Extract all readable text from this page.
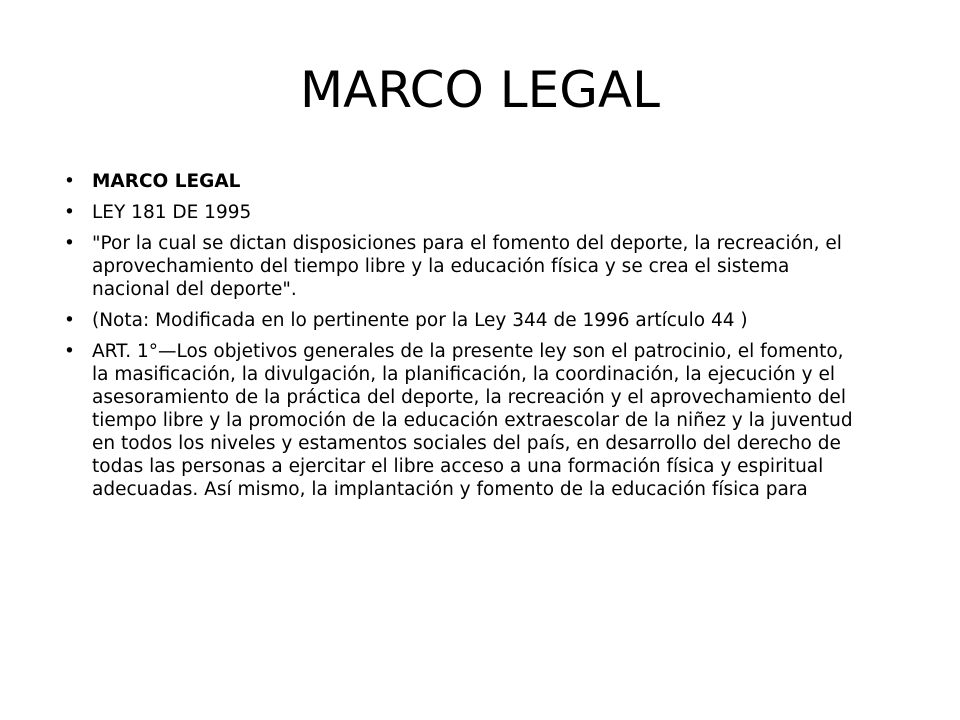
MARCO LEGAL
• MARCO LEGAL
• LEY 181 DE 1995
• "Por la cual se dictan disposiciones para el fomento del deporte, la recreación, el aprovechamiento del tiempo libre y la educación física y se crea el sistema nacional del deporte".
• (Nota: Modificada en lo pertinente por la Ley 344 de 1996 artículo 44 )
• ART. 1°—Los objetivos generales de la presente ley son el patrocinio, el fomento, la masificación, la divulgación, la planificación, la coordinación, la ejecución y el asesoramiento de la práctica del deporte, la recreación y el aprovechamiento del tiempo libre y la promoción de la educación extraescolar de la niñez y la juventud en todos los niveles y estamentos sociales del país, en desarrollo del derecho de todas las personas a ejercitar el libre acceso a una formación física y espiritual adecuadas. Así mismo, la implantación y fomento de la educación física para
